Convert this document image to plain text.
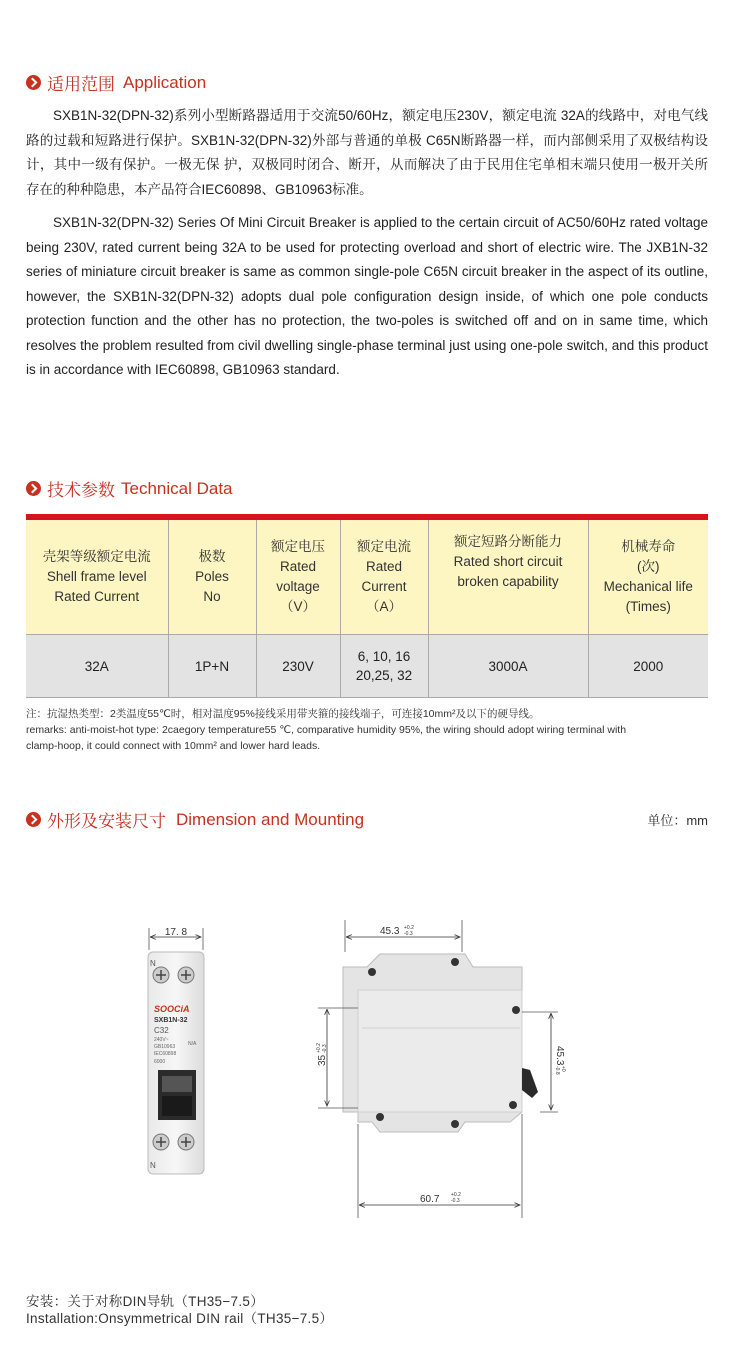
适用范围 Application

SXB1N-32(DPN-32)系列小型断路器适用于交流50/60Hz，额定电压230V，额定电流 32A的线路中，对电气线路的过载和短路进行保护。SXB1N-32(DPN-32)外部与普通的单极 C65N断路器一样，而内部侧采用了双极结构设计，其中一级有保护。一极无保 护，双极同时闭合、断开，从而解决了由于民用住宅单相末端只使用一极开关所 存在的种种隐患，本产品符合IEC60898、GB10963标准。

SXB1N-32(DPN-32) Series Of Mini Circuit Breaker is applied to the certain circuit of AC50/60Hz rated voltage being 230V, rated current being 32A to be used for protecting overload and short of electric wire. The JXB1N-32 series of miniature circuit breaker is same as common single-pole C65N circuit breaker in the aspect of its outline, however, the SXB1N-32(DPN-32) adopts dual pole configuration design inside, of which one pole conducts protection function and the other has no protection, the two-poles is switched off and on in same time, which resolves the problem resulted from civil dwelling single-phase terminal just using one-pole switch, and this product is in accordance with IEC60898, GB10963 standard.

技术参数 Technical Data

壳架等级额定电流
Shell frame level
Rated Current	极数
Poles
No	额定电压
Rated
voltage
（V）	额定电流
Rated
Current
（A）	额定短路分断能力
Rated short circuit
broken capability	机械寿命
(次)
Mechanical life
(Times)

32A	1P+N	230V	6, 10, 16
20,25, 32	3000A	2000
注：抗湿热类型：2类温度55℃时，相对温度95%接线采用带夹箍的接线端子，可连接10mm²及以下的硬导线。
remarks: anti-moist-hot type: 2caegory temperature55 ℃, comparative humidity 95%, the wiring should adopt wiring terminal with
clamp-hoop, it could connect with 10mm² and lower hard leads.
外形及安装尺寸 Dimension and Mounting	单位：mm
17. 8
N
SOOCiA
SXB1N-32
C32
240V~
GB10963
IEC60898
6000
N/A
N
45.3 +0.2
-0.3
35
+0.2 -0.3	45.3
+0
-0.8
60.7 +0.2
-0.3
安装：关于对称DIN导轨（TH35−7.5）
Installation:Onsymmetrical DIN rail（TH35−7.5）
